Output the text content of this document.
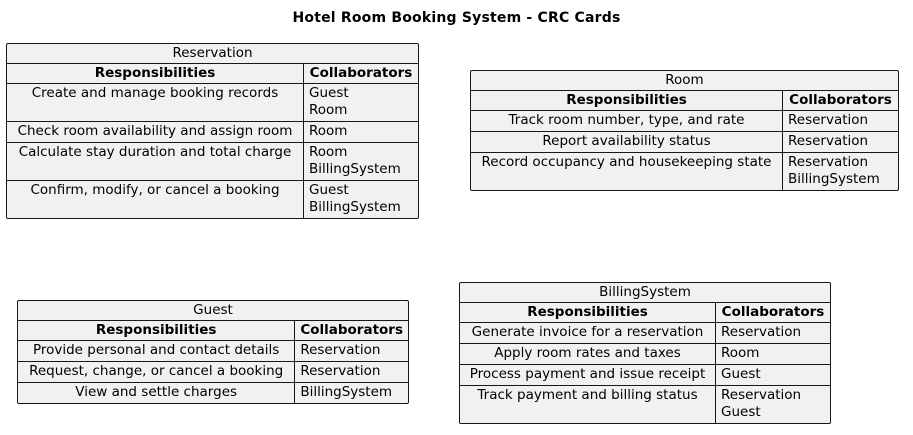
Hotel Room Booking System - CRC Cards
Reservation	
Responsibilities	Collaborators
Create and manage booking records	Guest
Room

Check room availability and assign room	Room

Calculate stay duration and total charge	Room
BillingSystem

Confirm, modify, or cancel a booking	Guest
BillingSystem
Room	
Responsibilities	Collaborators
Track room number, type, and rate	Reservation

Report availability status	Reservation

Record occupancy and housekeeping state	Reservation
BillingSystem
Guest	
Responsibilities	Collaborators
Provide personal and contact details	Reservation

Request, change, or cancel a booking	Reservation

View and settle charges	BillingSystem
BillingSystem	
Responsibilities	Collaborators
Generate invoice for a reservation	Reservation

Apply room rates and taxes	Room

Process payment and issue receipt	Guest

Track payment and billing status	Reservation
Guest
